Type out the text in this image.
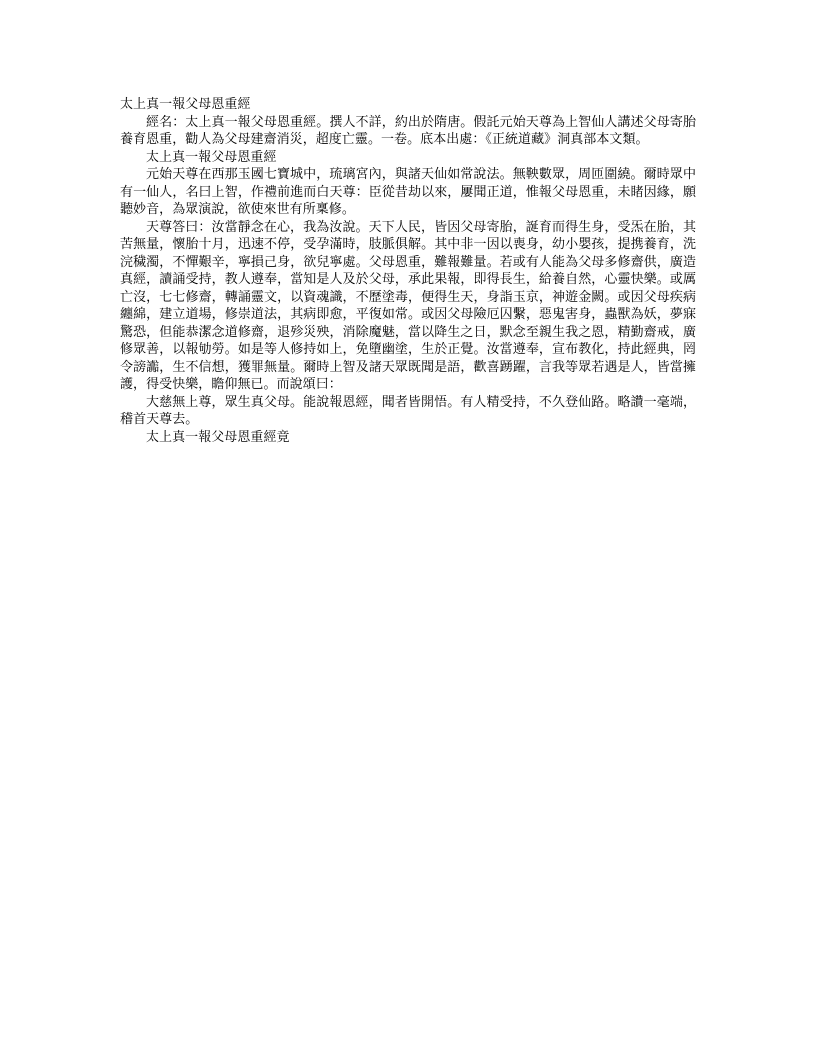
太上真一報父母恩重經

經名：太上真一報父母恩重經。撰人不詳，約出於隋唐。假託元始天尊為上智仙人講述父母寄胎養育恩重，勸人為父母建齋消災，超度亡靈。一卷。底本出處：《正統道藏》洞真部本文類。

太上真一報父母恩重經

元始天尊在西那玉國七寶城中，琉璃宮內，與諸天仙如常說法。無鞅數眾，周匝圍繞。爾時眾中有一仙人，名曰上智，作禮前進而白天尊：臣從昔劫以來，屢聞正道，惟報父母恩重，未睹因緣，願聽妙音，為眾演說，欲使來世有所稟修。

天尊答曰：汝當靜念在心，我為汝說。天下人民，皆因父母寄胎，誕育而得生身，受炁在胎，其苦無量，懷胎十月，迅速不停，受孕滿時，肢脈俱解。其中非一因以喪身，幼小嬰孩，提携養育，洗浣穢濁，不憚艱辛，寧損己身，欲兒寧處。父母恩重，難報難量。若或有人能為父母多修齋供，廣造真經，讀誦受持，教人遵奉，當知是人及於父母，承此果報，即得長生，給養自然，心靈快樂。或厲亡沒，七七修齋，轉誦靈文，以資魂識，不歷塗毒，便得生天，身詣玉京，神遊金闕。或因父母疾病纏綿，建立道場，修崇道法，其病即愈，平復如常。或因父母險厄囚繫，惡鬼害身，蟲獸為妖，夢寐驚恐，但能恭潔念道修齋，退殄災殃，消除魔魅，當以降生之日，默念至親生我之恩，精勤齋戒，廣修眾善，以報劬勞。如是等人修持如上，免墮幽塗，生於正覺。汝當遵奉，宣布教化，持此經典，罔令謗讟，生不信想，獲罪無量。爾時上智及諸天眾既聞是語，歡喜踴躍，言我等眾若遇是人，皆當擁護，得受快樂，瞻仰無已。而說頌曰：

大慈無上尊，眾生真父母。能說報恩經，聞者皆開悟。有人精受持，不久登仙路。略讚一毫端，稽首天尊去。

太上真一報父母恩重經竟
